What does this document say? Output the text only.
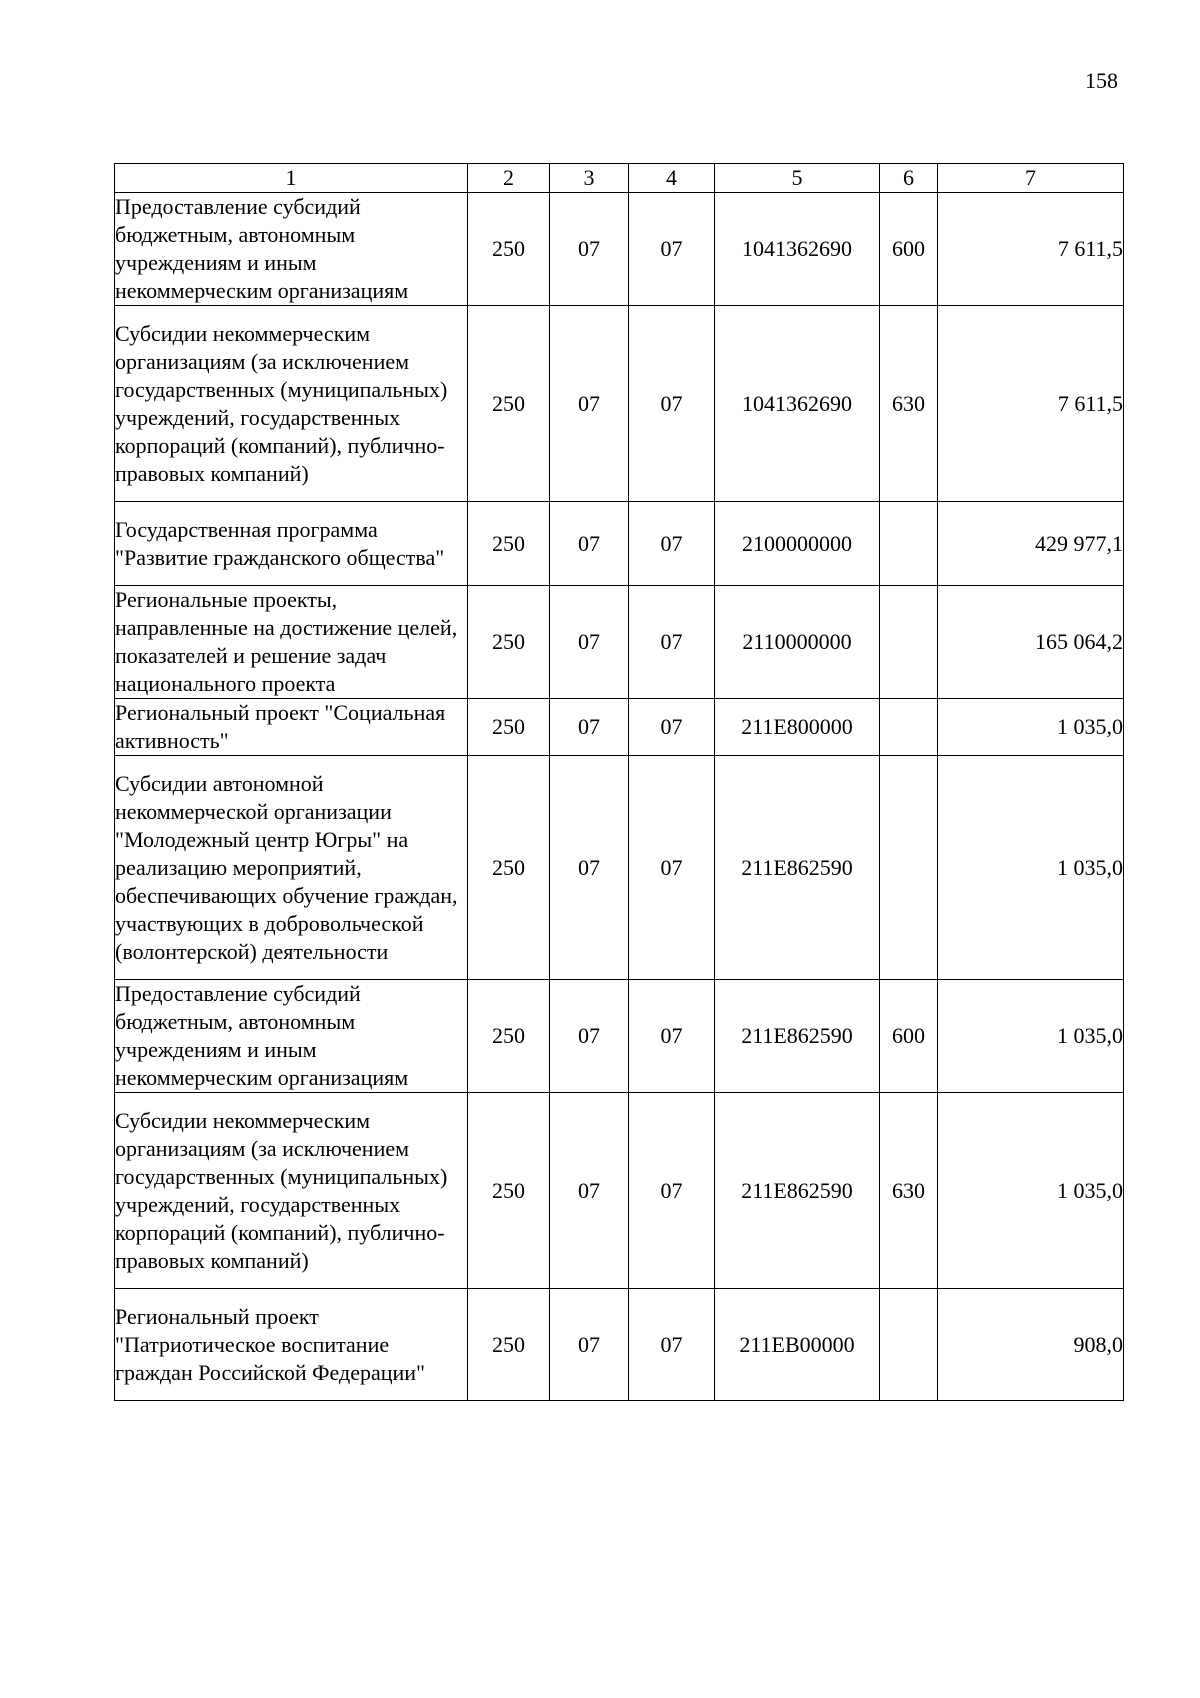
158
1	2	3	4	5	6	7
Предоставление субсидий бюджетным, автономным учреждениям и иным некоммерческим организациям	250	07	07	1041362690	600	7 611,5
Субсидии некоммерческим организациям (за исключением государственных (муниципальных) учреждений, государственных корпораций (компаний), публично-правовых компаний)	250	07	07	1041362690	630	7 611,5
Государственная программа "Развитие гражданского общества"	250	07	07	2100000000		429 977,1
Региональные проекты, направленные на достижение целей, показателей и решение задач национального проекта	250	07	07	2110000000		165 064,2
Региональный проект "Социальная активность"	250	07	07	211E800000		1 035,0
Субсидии автономной некоммерческой организации "Молодежный центр Югры" на реализацию мероприятий, обеспечивающих обучение граждан, участвующих в добровольческой (волонтерской) деятельности	250	07	07	211E862590		1 035,0
Предоставление субсидий бюджетным, автономным учреждениям и иным некоммерческим организациям	250	07	07	211E862590	600	1 035,0
Субсидии некоммерческим организациям (за исключением государственных (муниципальных) учреждений, государственных корпораций (компаний), публично-правовых компаний)	250	07	07	211E862590	630	1 035,0
Региональный проект "Патриотическое воспитание граждан Российской Федерации"	250	07	07	211EB00000		908,0
